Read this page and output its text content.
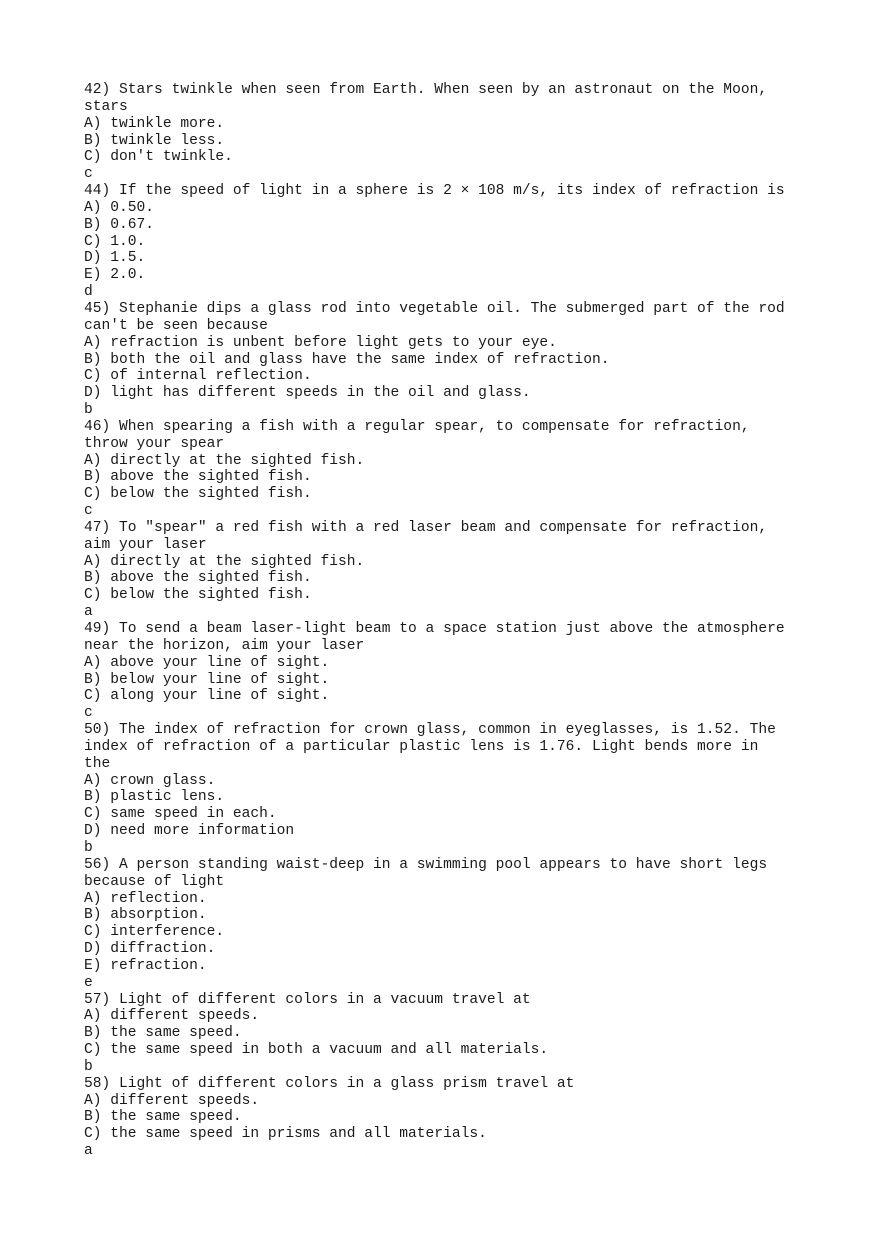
42) Stars twinkle when seen from Earth. When seen by an astronaut on the Moon,
stars
A) twinkle more.
B) twinkle less.
C) don't twinkle.
c
44) If the speed of light in a sphere is 2 × 108 m/s, its index of refraction is
A) 0.50.
B) 0.67.
C) 1.0.
D) 1.5.
E) 2.0.
d
45) Stephanie dips a glass rod into vegetable oil. The submerged part of the rod
can't be seen because
A) refraction is unbent before light gets to your eye.
B) both the oil and glass have the same index of refraction.
C) of internal reflection.
D) light has different speeds in the oil and glass.
b
46) When spearing a fish with a regular spear, to compensate for refraction,
throw your spear
A) directly at the sighted fish.
B) above the sighted fish.
C) below the sighted fish.
c
47) To "spear" a red fish with a red laser beam and compensate for refraction,
aim your laser
A) directly at the sighted fish.
B) above the sighted fish.
C) below the sighted fish.
a
49) To send a beam laser-light beam to a space station just above the atmosphere
near the horizon, aim your laser
A) above your line of sight.
B) below your line of sight.
C) along your line of sight.
c
50) The index of refraction for crown glass, common in eyeglasses, is 1.52. The
index of refraction of a particular plastic lens is 1.76. Light bends more in
the
A) crown glass.
B) plastic lens.
C) same speed in each.
D) need more information
b
56) A person standing waist-deep in a swimming pool appears to have short legs
because of light
A) reflection.
B) absorption.
C) interference.
D) diffraction.
E) refraction.
e
57) Light of different colors in a vacuum travel at
A) different speeds.
B) the same speed.
C) the same speed in both a vacuum and all materials.
b
58) Light of different colors in a glass prism travel at
A) different speeds.
B) the same speed.
C) the same speed in prisms and all materials.
a
